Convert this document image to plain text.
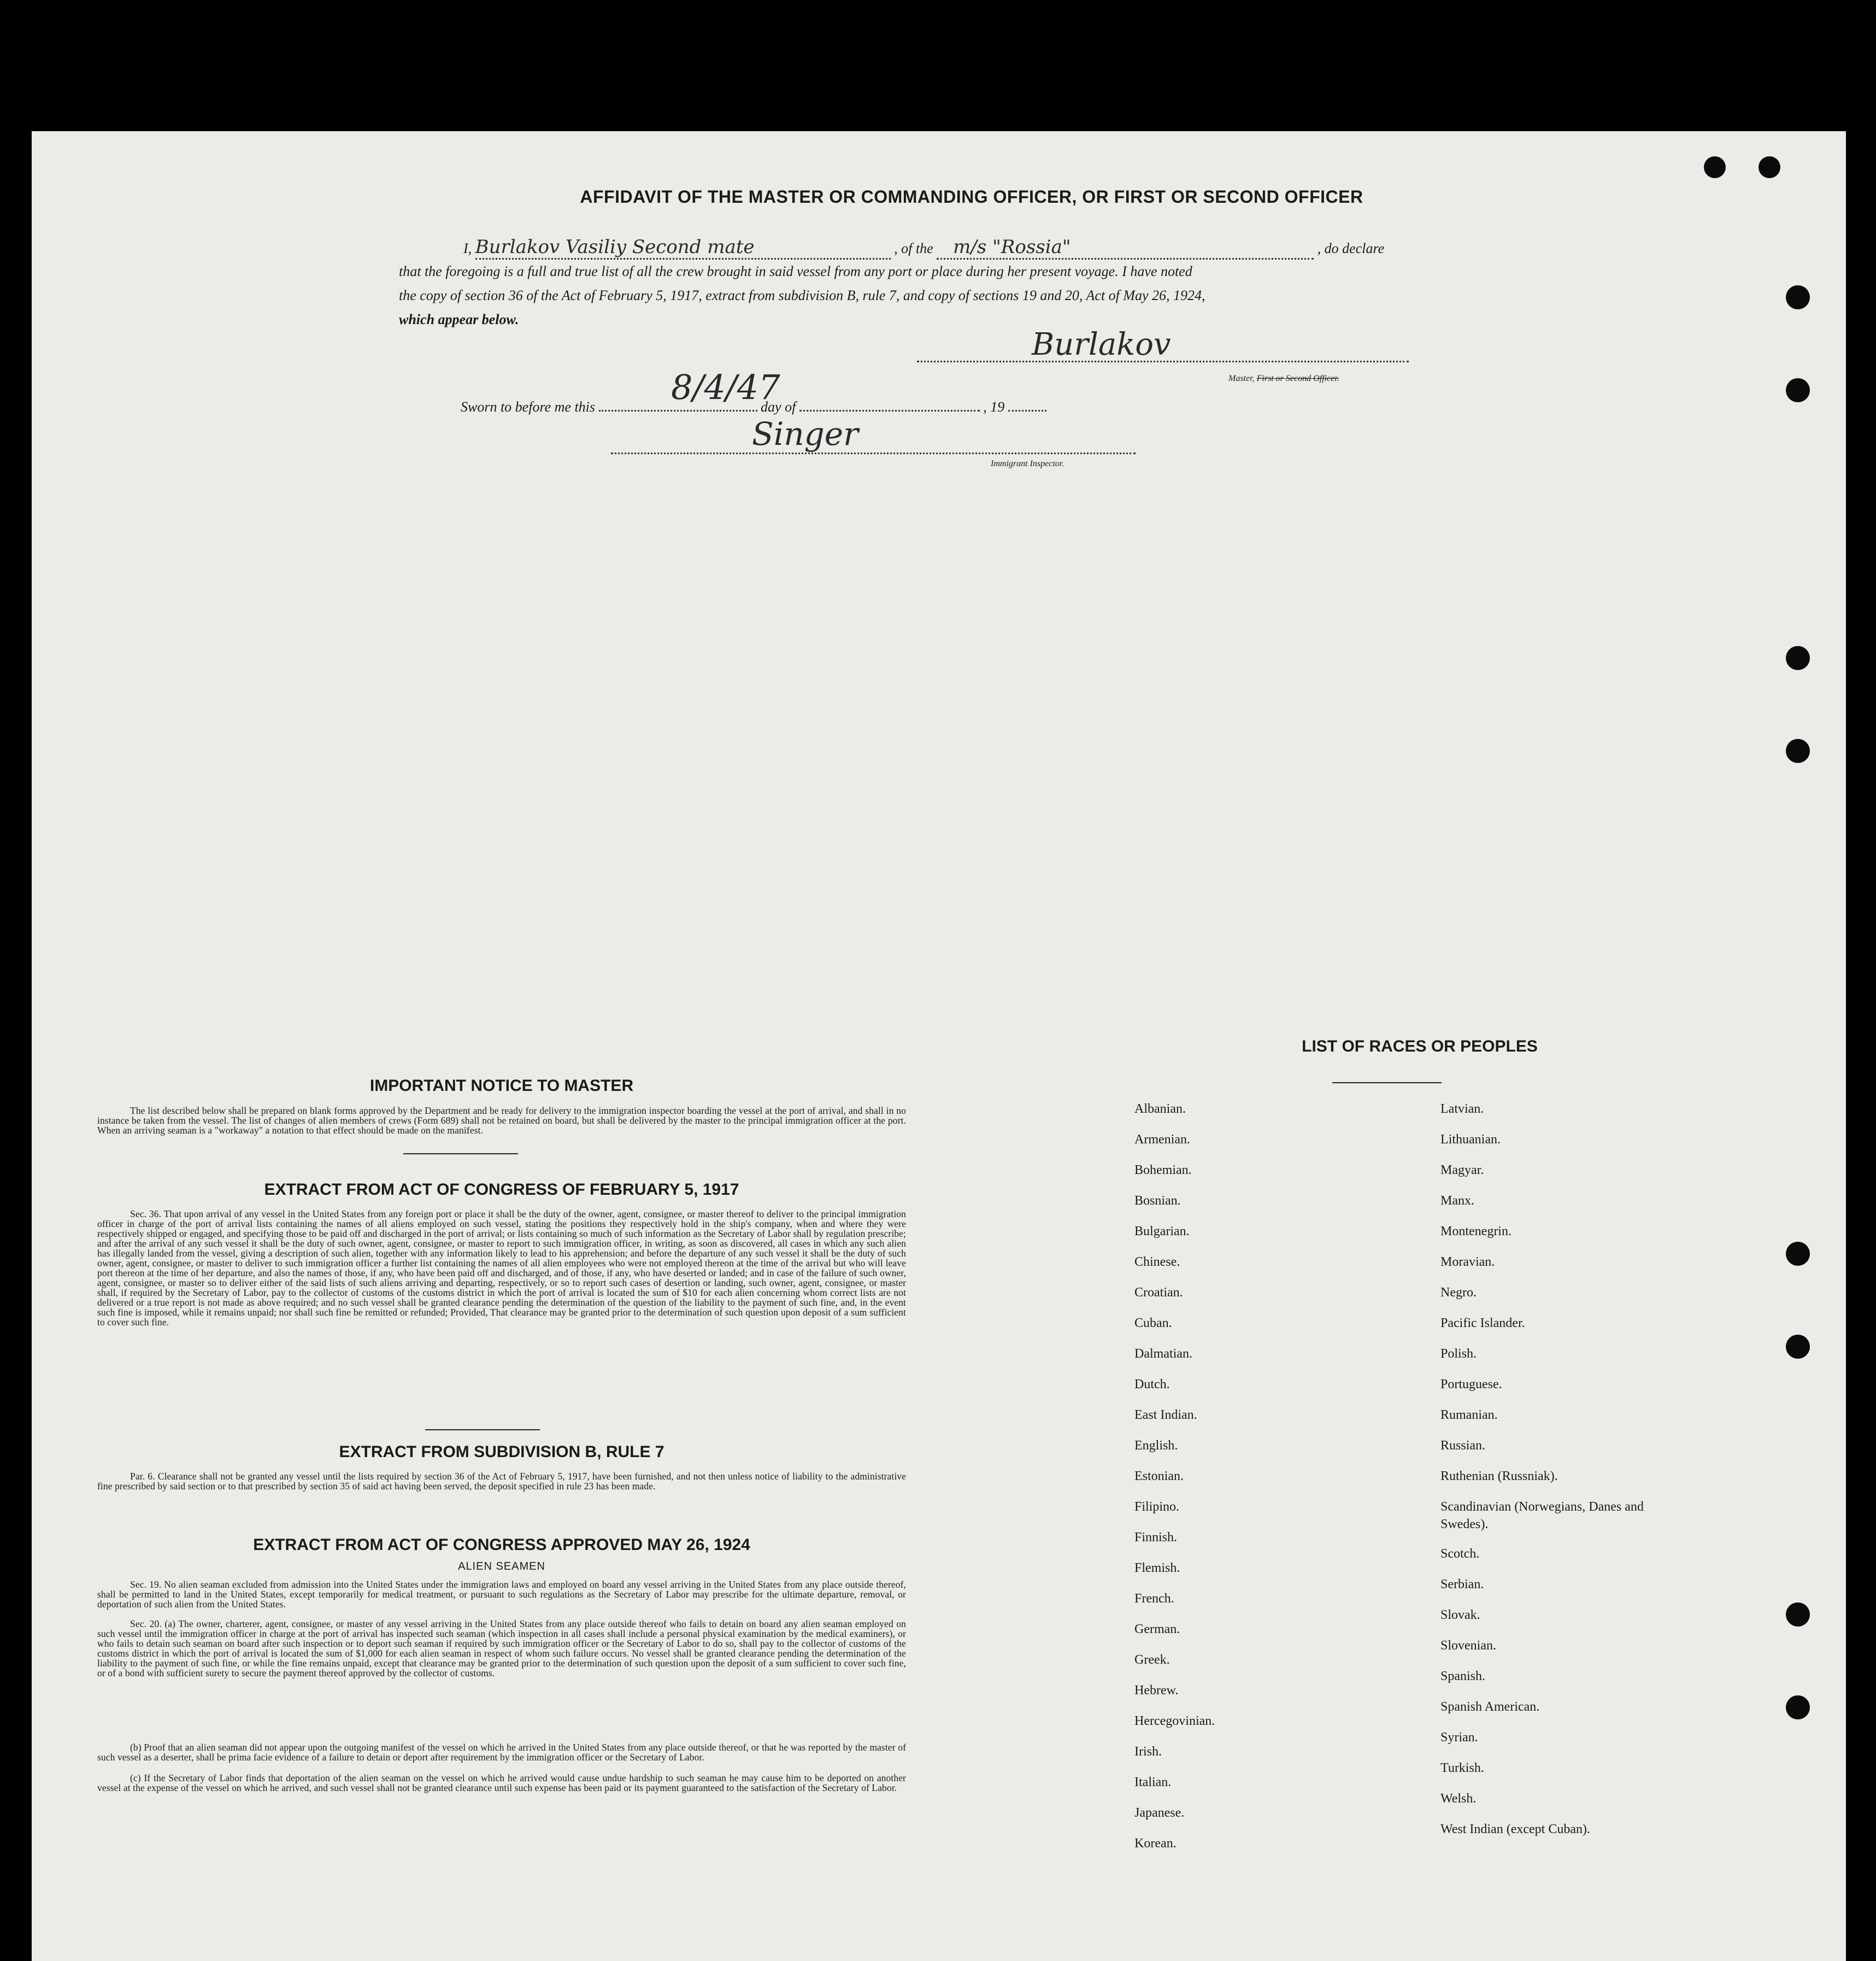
AFFIDAVIT OF THE MASTER OR COMMANDING OFFICER, OR FIRST OR SECOND OFFICER
I, Burlakov Vasiliy Second mate	, of the m/s "Rossia"	, do declare
that the foregoing is a full and true list of all the crew brought in said vessel from any port or place during her present voyage. I have noted
the copy of section 36 of the Act of February 5, 1917, extract from subdivision B, rule 7, and copy of sections 19 and 20, Act of May 26, 1924,
which appear below.
Burlakov
Master, First or Second Officer.
Sworn to before me this	day of	, 19
8/4/47
Singer
Immigrant Inspector.
IMPORTANT NOTICE TO MASTER
The list described below shall be prepared on blank forms approved by the Department and be ready for delivery to the immigration inspector boarding the vessel at the port of arrival, and shall in no instance be taken from the vessel. The list of changes of alien members of crews (Form 689) shall not be retained on board, but shall be delivered by the master to the principal immigration officer at the port. When an arriving seaman is a "workaway" a notation to that effect should be made on the manifest.
EXTRACT FROM ACT OF CONGRESS OF FEBRUARY 5, 1917
Sec. 36. That upon arrival of any vessel in the United States from any foreign port or place it shall be the duty of the owner, agent, consignee, or master thereof to deliver to the principal immigration officer in charge of the port of arrival lists containing the names of all aliens employed on such vessel, stating the positions they respectively hold in the ship's company, when and where they were respectively shipped or engaged, and specifying those to be paid off and discharged in the port of arrival; or lists containing so much of such information as the Secretary of Labor shall by regulation prescribe; and after the arrival of any such vessel it shall be the duty of such owner, agent, consignee, or master to report to such immigration officer, in writing, as soon as discovered, all cases in which any such alien has illegally landed from the vessel, giving a description of such alien, together with any information likely to lead to his apprehension; and before the departure of any such vessel it shall be the duty of such owner, agent, consignee, or master to deliver to such immigration officer a further list containing the names of all alien employees who were not employed thereon at the time of the arrival but who will leave port thereon at the time of her departure, and also the names of those, if any, who have been paid off and discharged, and of those, if any, who have deserted or landed; and in case of the failure of such owner, agent, consignee, or master so to deliver either of the said lists of such aliens arriving and departing, respectively, or so to report such cases of desertion or landing, such owner, agent, consignee, or master shall, if required by the Secretary of Labor, pay to the collector of customs of the customs district in which the port of arrival is located the sum of $10 for each alien concerning whom correct lists are not delivered or a true report is not made as above required; and no such vessel shall be granted clearance pending the determination of the question of the liability to the payment of such fine, and, in the event such fine is imposed, while it remains unpaid; nor shall such fine be remitted or refunded; Provided, That clearance may be granted prior to the determination of such question upon deposit of a sum sufficient to cover such fine.
EXTRACT FROM SUBDIVISION B, RULE 7
Par. 6. Clearance shall not be granted any vessel until the lists required by section 36 of the Act of February 5, 1917, have been furnished, and not then unless notice of liability to the administrative fine prescribed by said section or to that prescribed by section 35 of said act having been served, the deposit specified in rule 23 has been made.
EXTRACT FROM ACT OF CONGRESS APPROVED MAY 26, 1924
ALIEN SEAMEN
Sec. 19. No alien seaman excluded from admission into the United States under the immigration laws and employed on board any vessel arriving in the United States from any place outside thereof, shall be permitted to land in the United States, except temporarily for medical treatment, or pursuant to such regulations as the Secretary of Labor may prescribe for the ultimate departure, removal, or deportation of such alien from the United States.
Sec. 20. (a) The owner, charterer, agent, consignee, or master of any vessel arriving in the United States from any place outside thereof who fails to detain on board any alien seaman employed on such vessel until the immigration officer in charge at the port of arrival has inspected such seaman (which inspection in all cases shall include a personal physical examination by the medical examiners), or who fails to detain such seaman on board after such inspection or to deport such seaman if required by such immigration officer or the Secretary of Labor to do so, shall pay to the collector of customs of the customs district in which the port of arrival is located the sum of $1,000 for each alien seaman in respect of whom such failure occurs. No vessel shall be granted clearance pending the determination of the liability to the payment of such fine, or while the fine remains unpaid, except that clearance may be granted prior to the determination of such question upon the deposit of a sum sufficient to cover such fine, or of a bond with sufficient surety to secure the payment thereof approved by the collector of customs.
(b) Proof that an alien seaman did not appear upon the outgoing manifest of the vessel on which he arrived in the United States from any place outside thereof, or that he was reported by the master of such vessel as a deserter, shall be prima facie evidence of a failure to detain or deport after requirement by the immigration officer or the Secretary of Labor.
(c) If the Secretary of Labor finds that deportation of the alien seaman on the vessel on which he arrived would cause undue hardship to such seaman he may cause him to be deported on another vessel at the expense of the vessel on which he arrived, and such vessel shall not be granted clearance until such expense has been paid or its payment guaranteed to the satisfaction of the Secretary of Labor.
LIST OF RACES OR PEOPLES
Albanian.
Armenian.
Bohemian.
Bosnian.
Bulgarian.
Chinese.
Croatian.
Cuban.
Dalmatian.
Dutch.
East Indian.
English.
Estonian.
Filipino.
Finnish.
Flemish.
French.
German.
Greek.
Hebrew.
Hercegovinian.
Irish.
Italian.
Japanese.
Korean.
Latvian.
Lithuanian.
Magyar.
Manx.
Montenegrin.
Moravian.
Negro.
Pacific Islander.
Polish.
Portuguese.
Rumanian.
Russian.
Ruthenian (Russniak).
Scandinavian (Norwegians, Danes and Swedes).
Scotch.
Serbian.
Slovak.
Slovenian.
Spanish.
Spanish American.
Syrian.
Turkish.
Welsh.
West Indian (except Cuban).
